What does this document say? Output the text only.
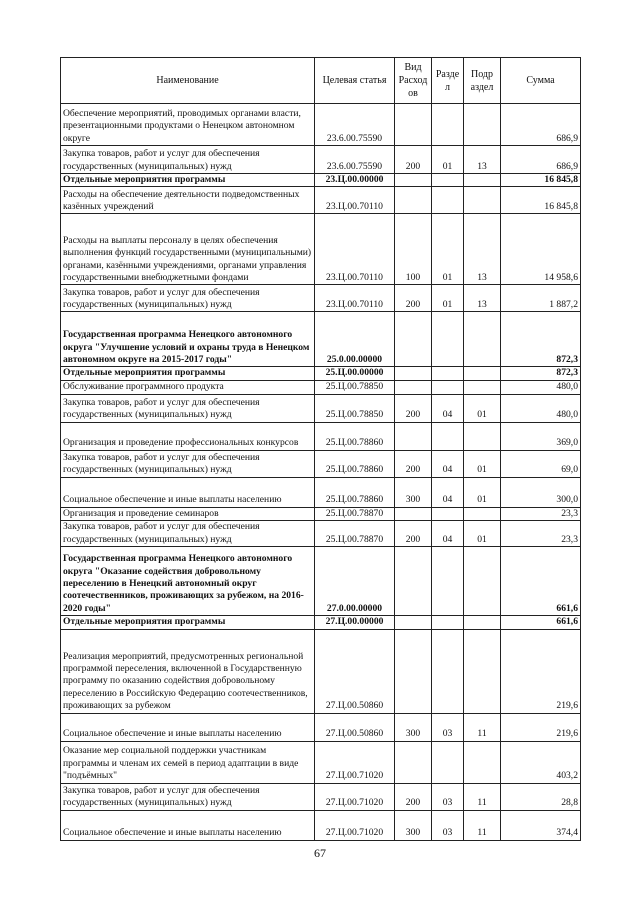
Наименование	Целевая статья	Вид Расход ов	Разде л	Подр аздел	Сумма
Обеспечение мероприятий, проводимых органами власти, презентационными продуктами о Ненецком автономном округе	23.6.00.75590				686,9
Закупка товаров, работ и услуг для обеспечения государственных (муниципальных) нужд	23.6.00.75590	200	01	13	686,9
Отдельные мероприятия программы	23.Ц.00.00000				16 845,8
Расходы на обеспечение деятельности подведомственных казённых учреждений	23.Ц.00.70110				16 845,8
Расходы на выплаты персоналу в целях обеспечения выполнения функций государственными (муниципальными) органами, казёнными учреждениями, органами управления государственными внебюджетными фондами	23.Ц.00.70110	100	01	13	14 958,6
Закупка товаров, работ и услуг для обеспечения государственных (муниципальных) нужд	23.Ц.00.70110	200	01	13	1 887,2
Государственная программа Ненецкого автономного округа "Улучшение условий и охраны труда в Ненецком автономном округе на 2015-2017 годы"	25.0.00.00000				872,3
Отдельные мероприятия программы	25.Ц.00.00000				872,3
Обслуживание программного продукта	25.Ц.00.78850				480,0
Закупка товаров, работ и услуг для обеспечения государственных (муниципальных) нужд	25.Ц.00.78850	200	04	01	480,0
Организация и проведение профессиональных конкурсов	25.Ц.00.78860				369,0
Закупка товаров, работ и услуг для обеспечения государственных (муниципальных) нужд	25.Ц.00.78860	200	04	01	69,0
Социальное обеспечение и иные выплаты населению	25.Ц.00.78860	300	04	01	300,0
Организация и проведение семинаров	25.Ц.00.78870				23,3
Закупка товаров, работ и услуг для обеспечения государственных (муниципальных) нужд	25.Ц.00.78870	200	04	01	23,3
Государственная программа Ненецкого автономного округа "Оказание содействия добровольному переселению в Ненецкий автономный округ соотечественников, проживающих за рубежом, на 2016-2020 годы"	27.0.00.00000				661,6
Отдельные мероприятия программы	27.Ц.00.00000				661,6
Реализация мероприятий, предусмотренных региональной программой переселения, включенной в Государственную программу по оказанию содействия добровольному переселению в Российскую Федерацию соотечественников, проживающих за рубежом	27.Ц.00.50860				219,6
Социальное обеспечение и иные выплаты населению	27.Ц.00.50860	300	03	11	219,6
Оказание мер социальной поддержки участникам программы и членам их семей в период адаптации в виде "подъёмных"	27.Ц.00.71020				403,2
Закупка товаров, работ и услуг для обеспечения государственных (муниципальных) нужд	27.Ц.00.71020	200	03	11	28,8
Социальное обеспечение и иные выплаты населению	27.Ц.00.71020	300	03	11	374,4
67
